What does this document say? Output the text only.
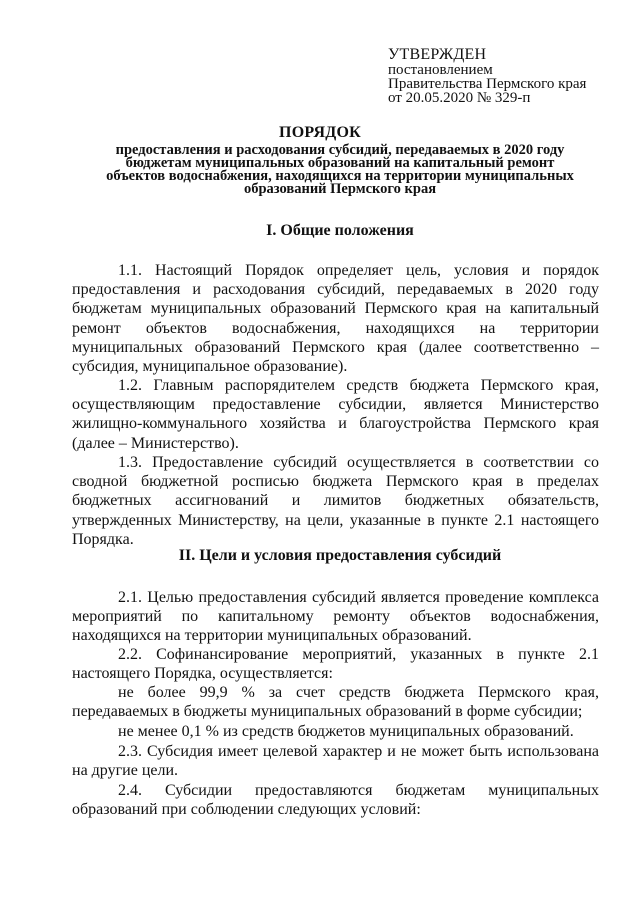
УТВЕРЖДЕН
постановлением
Правительства Пермского края
от 20.05.2020 № 329-п
ПОРЯДОК
предоставления и расходования субсидий, передаваемых в 2020 году бюджетам муниципальных образований на капитальный ремонт объектов водоснабжения, находящихся на территории муниципальных образований Пермского края
I. Общие положения
1.1. Настоящий Порядок определяет цель, условия и порядок предоставления и расходования субсидий, передаваемых в 2020 году бюджетам муниципальных образований Пермского края на капитальный ремонт объектов водоснабжения, находящихся на территории муниципальных образований Пермского края (далее соответственно – субсидия, муниципальное образование).
1.2. Главным распорядителем средств бюджета Пермского края, осуществляющим предоставление субсидии, является Министерство жилищно-коммунального хозяйства и благоустройства Пермского края (далее – Министерство).
1.3. Предоставление субсидий осуществляется в соответствии со сводной бюджетной росписью бюджета Пермского края в пределах бюджетных ассигнований и лимитов бюджетных обязательств, утвержденных Министерству, на цели, указанные в пункте 2.1 настоящего Порядка.
II. Цели и условия предоставления субсидий
2.1. Целью предоставления субсидий является проведение комплекса мероприятий по капитальному ремонту объектов водоснабжения, находящихся на территории муниципальных образований.
2.2. Софинансирование мероприятий, указанных в пункте 2.1 настоящего Порядка, осуществляется:
не более 99,9 % за счет средств бюджета Пермского края, передаваемых в бюджеты муниципальных образований в форме субсидии;
не менее 0,1 % из средств бюджетов муниципальных образований.
2.3. Субсидия имеет целевой характер и не может быть использована на другие цели.
2.4. Субсидии предоставляются бюджетам муниципальных образований при соблюдении следующих условий:
